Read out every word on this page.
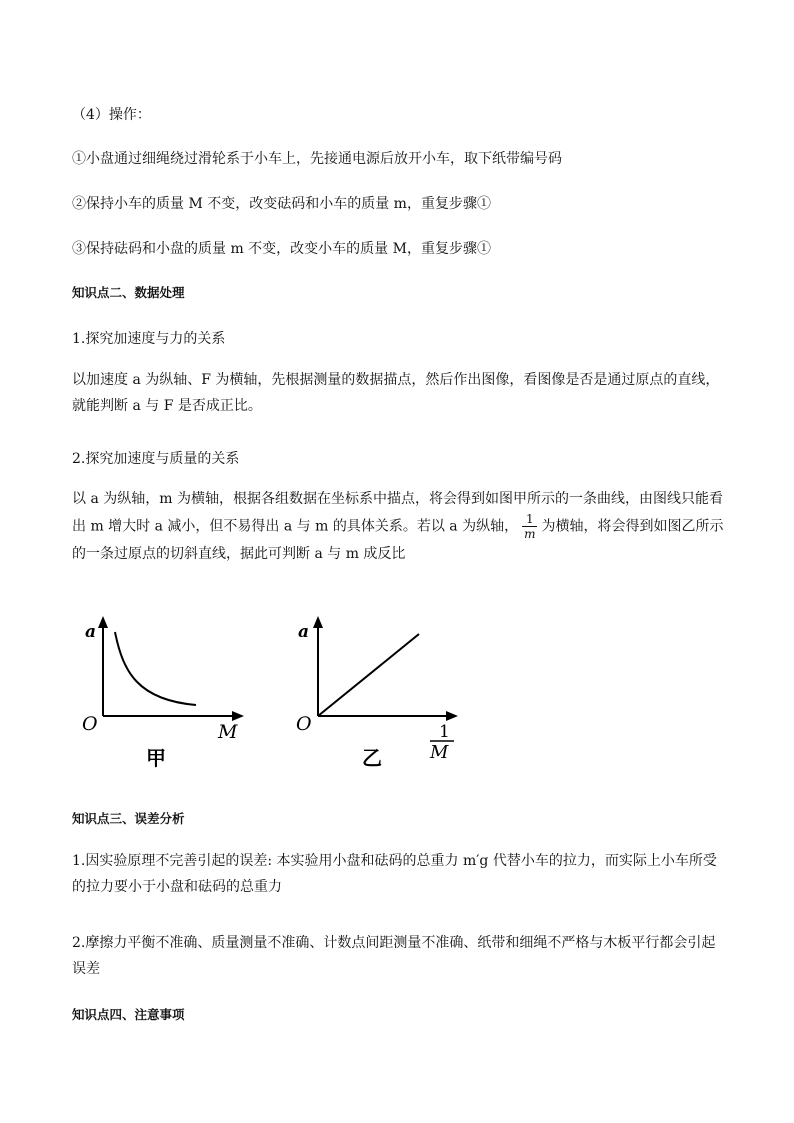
（4）操作：
①小盘通过细绳绕过滑轮系于小车上，先接通电源后放开小车，取下纸带编号码
②保持小车的质量 M 不变，改变砝码和小车的质量 m，重复步骤①
③保持砝码和小盘的质量 m 不变，改变小车的质量 M，重复步骤①
知识点二、数据处理
1.探究加速度与力的关系
以加速度 a 为纵轴、F 为横轴，先根据测量的数据描点，然后作出图像，看图像是否是通过原点的直线，就能判断 a 与 F 是否成正比。
2.探究加速度与质量的关系
以 a 为纵轴，m 为横轴，根据各组数据在坐标系中描点，将会得到如图甲所示的一条曲线，由图线只能看出 m 增大时 a 减小，但不易得出 a 与 m 的具体关系。若以 a 为纵轴， $\frac{1}{m}$ 为横轴，将会得到如图乙所示的一条过原点的切斜直线，据此可判断 a 与 m 成反比
a
O	M
甲
a
O	1
M
乙
知识点三、误差分析
1.因实验原理不完善引起的误差: 本实验用小盘和砝码的总重力 m′g 代替小车的拉力，而实际上小车所受的拉力要小于小盘和砝码的总重力
2.摩擦力平衡不准确、质量测量不准确、计数点间距测量不准确、纸带和细绳不严格与木板平行都会引起误差
知识点四、注意事项
